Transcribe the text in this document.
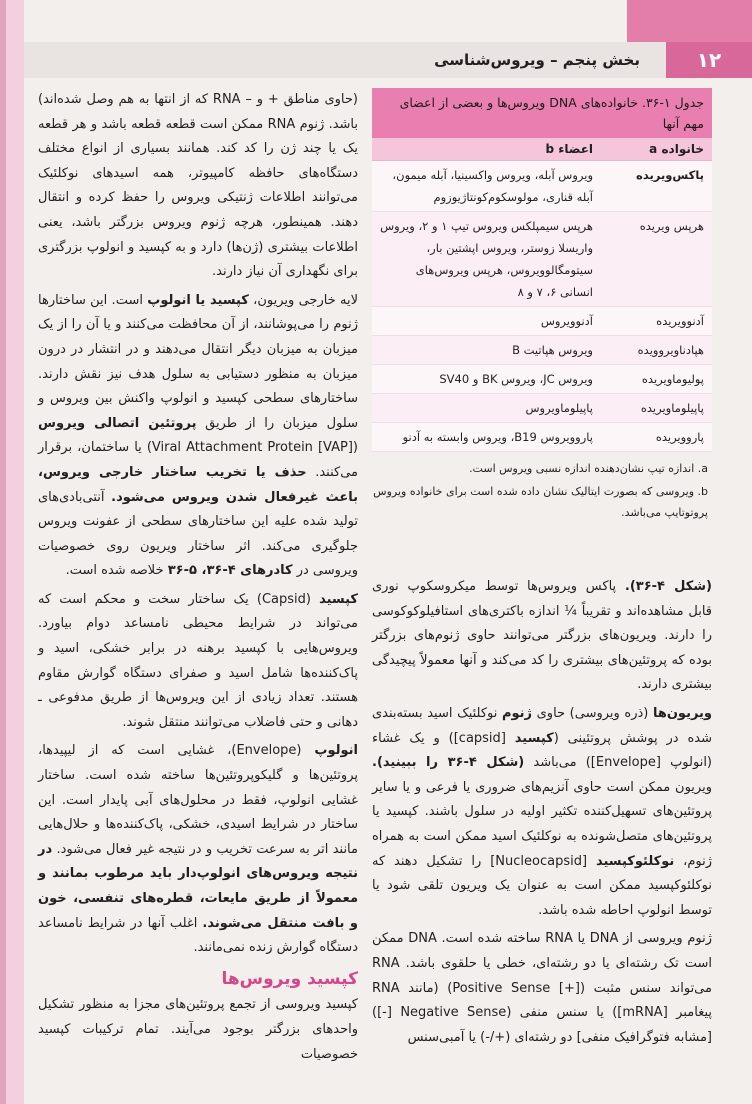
۱۲
بخش پنجم – ویروس‌شناسی
جدول ۱-۳۶. خانواده‌های DNA ویروس‌ها و بعضی از اعضای مهم آنها
خانواده a	اعضاء b
پاکس‌ویریده	ویروس آبله، ویروس واکسینیا، آبله میمون، آبله قناری، مولوسکوم‌کونتاژیوزوم
هرپس ویریده	هرپس سیمپلکس ویروس تیپ ۱ و ۲، ویروس واریسلا زوستر، ویروس اپشتین بار، سیتومگالوویروس، هرپس ویروس‌های انسانی ۶، ۷ و ۸
آدنوویریده	آدنوویروس
هپادناویروویده	ویروس هپاتیت B
پولیوماویریده	ویروس JC، ویروس BK و SV40
پاپیلوماویریده	پاپیلوماویروس
پاروویریده	پاروویروس B19، ویروس وابسته به آدنو
a. اندازه تیپ نشان‌دهنده اندازه نسبی ویروس است.
b. ویروسی که بصورت ایتالیک نشان داده شده است برای خانواده ویروس پروتوتایپ می‌باشد.

(حاوی مناطق + و – RNA که از انتها به هم وصل شده‌اند) باشد. ژنوم RNA ممکن است قطعه قطعه باشد و هر قطعه یک یا چند ژن را کد کند. همانند بسیاری از انواع مختلف دستگاه‌های حافظه کامپیوتر، همه اسیدهای نوکلئیک می‌توانند اطلاعات ژنتیکی ویروس را حفظ کرده و انتقال دهند. همینطور، هرچه ژنوم ویروس بزرگتر باشد، یعنی اطلاعات بیشتری (ژن‌ها) دارد و به کپسید و انولوپ بزرگتری برای نگهداری آن نیاز دارند.

لایه خارجی ویریون، کپسید یا انولوپ است. این ساختارها ژنوم را می‌پوشانند، از آن محافظت می‌کنند و یا آن را از یک میزبان به میزبان دیگر انتقال می‌دهند و در انتشار در درون میزبان به منظور دستیابی به سلول هدف نیز نقش دارند. ساختارهای سطحی کپسید و انولوپ واکنش بین ویروس و سلول میزبان را از طریق پروتئین اتصالی ویروس (Viral Attachment Protein [VAP]) یا ساختمان، برقرار می‌کنند. حذف یا تخریب ساختار خارجی ویروس، باعث غیرفعال شدن ویروس می‌شود. آنتی‌بادی‌های تولید شده علیه این ساختارهای سطحی از عفونت ویروس جلوگیری می‌کند. اثر ساختار ویریون روی خصوصیات ویروسی در کادرهای ۴-۳۶، ۵-۳۶ خلاصه شده است.

کپسید (Capsid) یک ساختار سخت و محکم است که می‌تواند در شرایط محیطی نامساعد دوام بیاورد. ویروس‌هایی با کپسید برهنه در برابر خشکی، اسید و پاک‌کننده‌ها شامل اسید و صفرای دستگاه گوارش مقاوم هستند. تعداد زیادی از این ویروس‌ها از طریق مدفوعی ـ دهانی و حتی فاضلاب می‌توانند منتقل شوند.

انولوپ (Envelope)، غشایی است که از لیپیدها، پروتئین‌ها و گلیکوپروتئین‌ها ساخته شده است. ساختار غشایی انولوپ، فقط در محلول‌های آبی پایدار است. این ساختار در شرایط اسیدی، خشکی، پاک‌کننده‌ها و حلال‌هایی مانند اتر به سرعت تخریب و در نتیجه غیر فعال می‌شود. در نتیجه ویروس‌های انولوپ‌دار باید مرطوب بمانند و معمولاً از طریق مایعات، قطره‌های تنفسی، خون و بافت منتقل می‌شوند. اغلب آنها در شرایط نامساعد دستگاه گوارش زنده نمی‌مانند.

کپسید ویروس‌ها

کپسید ویروسی از تجمع پروتئین‌های مجزا به منظور تشکیل واحدهای بزرگتر بوجود می‌آیند. تمام ترکیبات کپسید خصوصیات

(شکل ۴-۳۶). پاکس ویروس‌ها توسط میکروسکوپ نوری قابل مشاهده‌اند و تقریباً ¼ اندازه باکتری‌های استافیلوکوکوسی را دارند. ویریون‌های بزرگتر می‌توانند حاوی ژنوم‌های بزرگتر بوده که پروتئین‌های بیشتری را کد می‌کند و آنها معمولاً پیچیدگی بیشتری دارند.

ویریون‌ها (ذره ویروسی) حاوی ژنوم نوکلئیک اسید بسته‌بندی شده در پوشش پروتئینی (کپسید [capsid]) و یک غشاء (انولوپ [Envelope]) می‌باشد (شکل ۴-۳۶ را ببینید). ویریون ممکن است حاوی آنزیم‌های ضروری یا فرعی و یا سایر پروتئین‌های تسهیل‌کننده تکثیر اولیه در سلول باشند. کپسید یا پروتئین‌های متصل‌شونده به نوکلئیک اسید ممکن است به همراه ژنوم، نوکلئوکپسید [Nucleocapsid] را تشکیل دهند که نوکلئوکپسید ممکن است به عنوان یک ویریون تلقی شود یا توسط انولوپ احاطه شده باشد.

ژنوم ویروسی از DNA یا RNA ساخته شده است. DNA ممکن است تک رشته‌ای یا دو رشته‌ای، خطی یا حلقوی باشد. RNA می‌تواند سنس مثبت ([+] Positive Sense) (مانند RNA پیغامبر [mRNA]) یا سنس منفی (Negative Sense [-]) [مشابه فتوگرافیک منفی] دو رشته‌ای (+/-) یا آمبی‌سنس
